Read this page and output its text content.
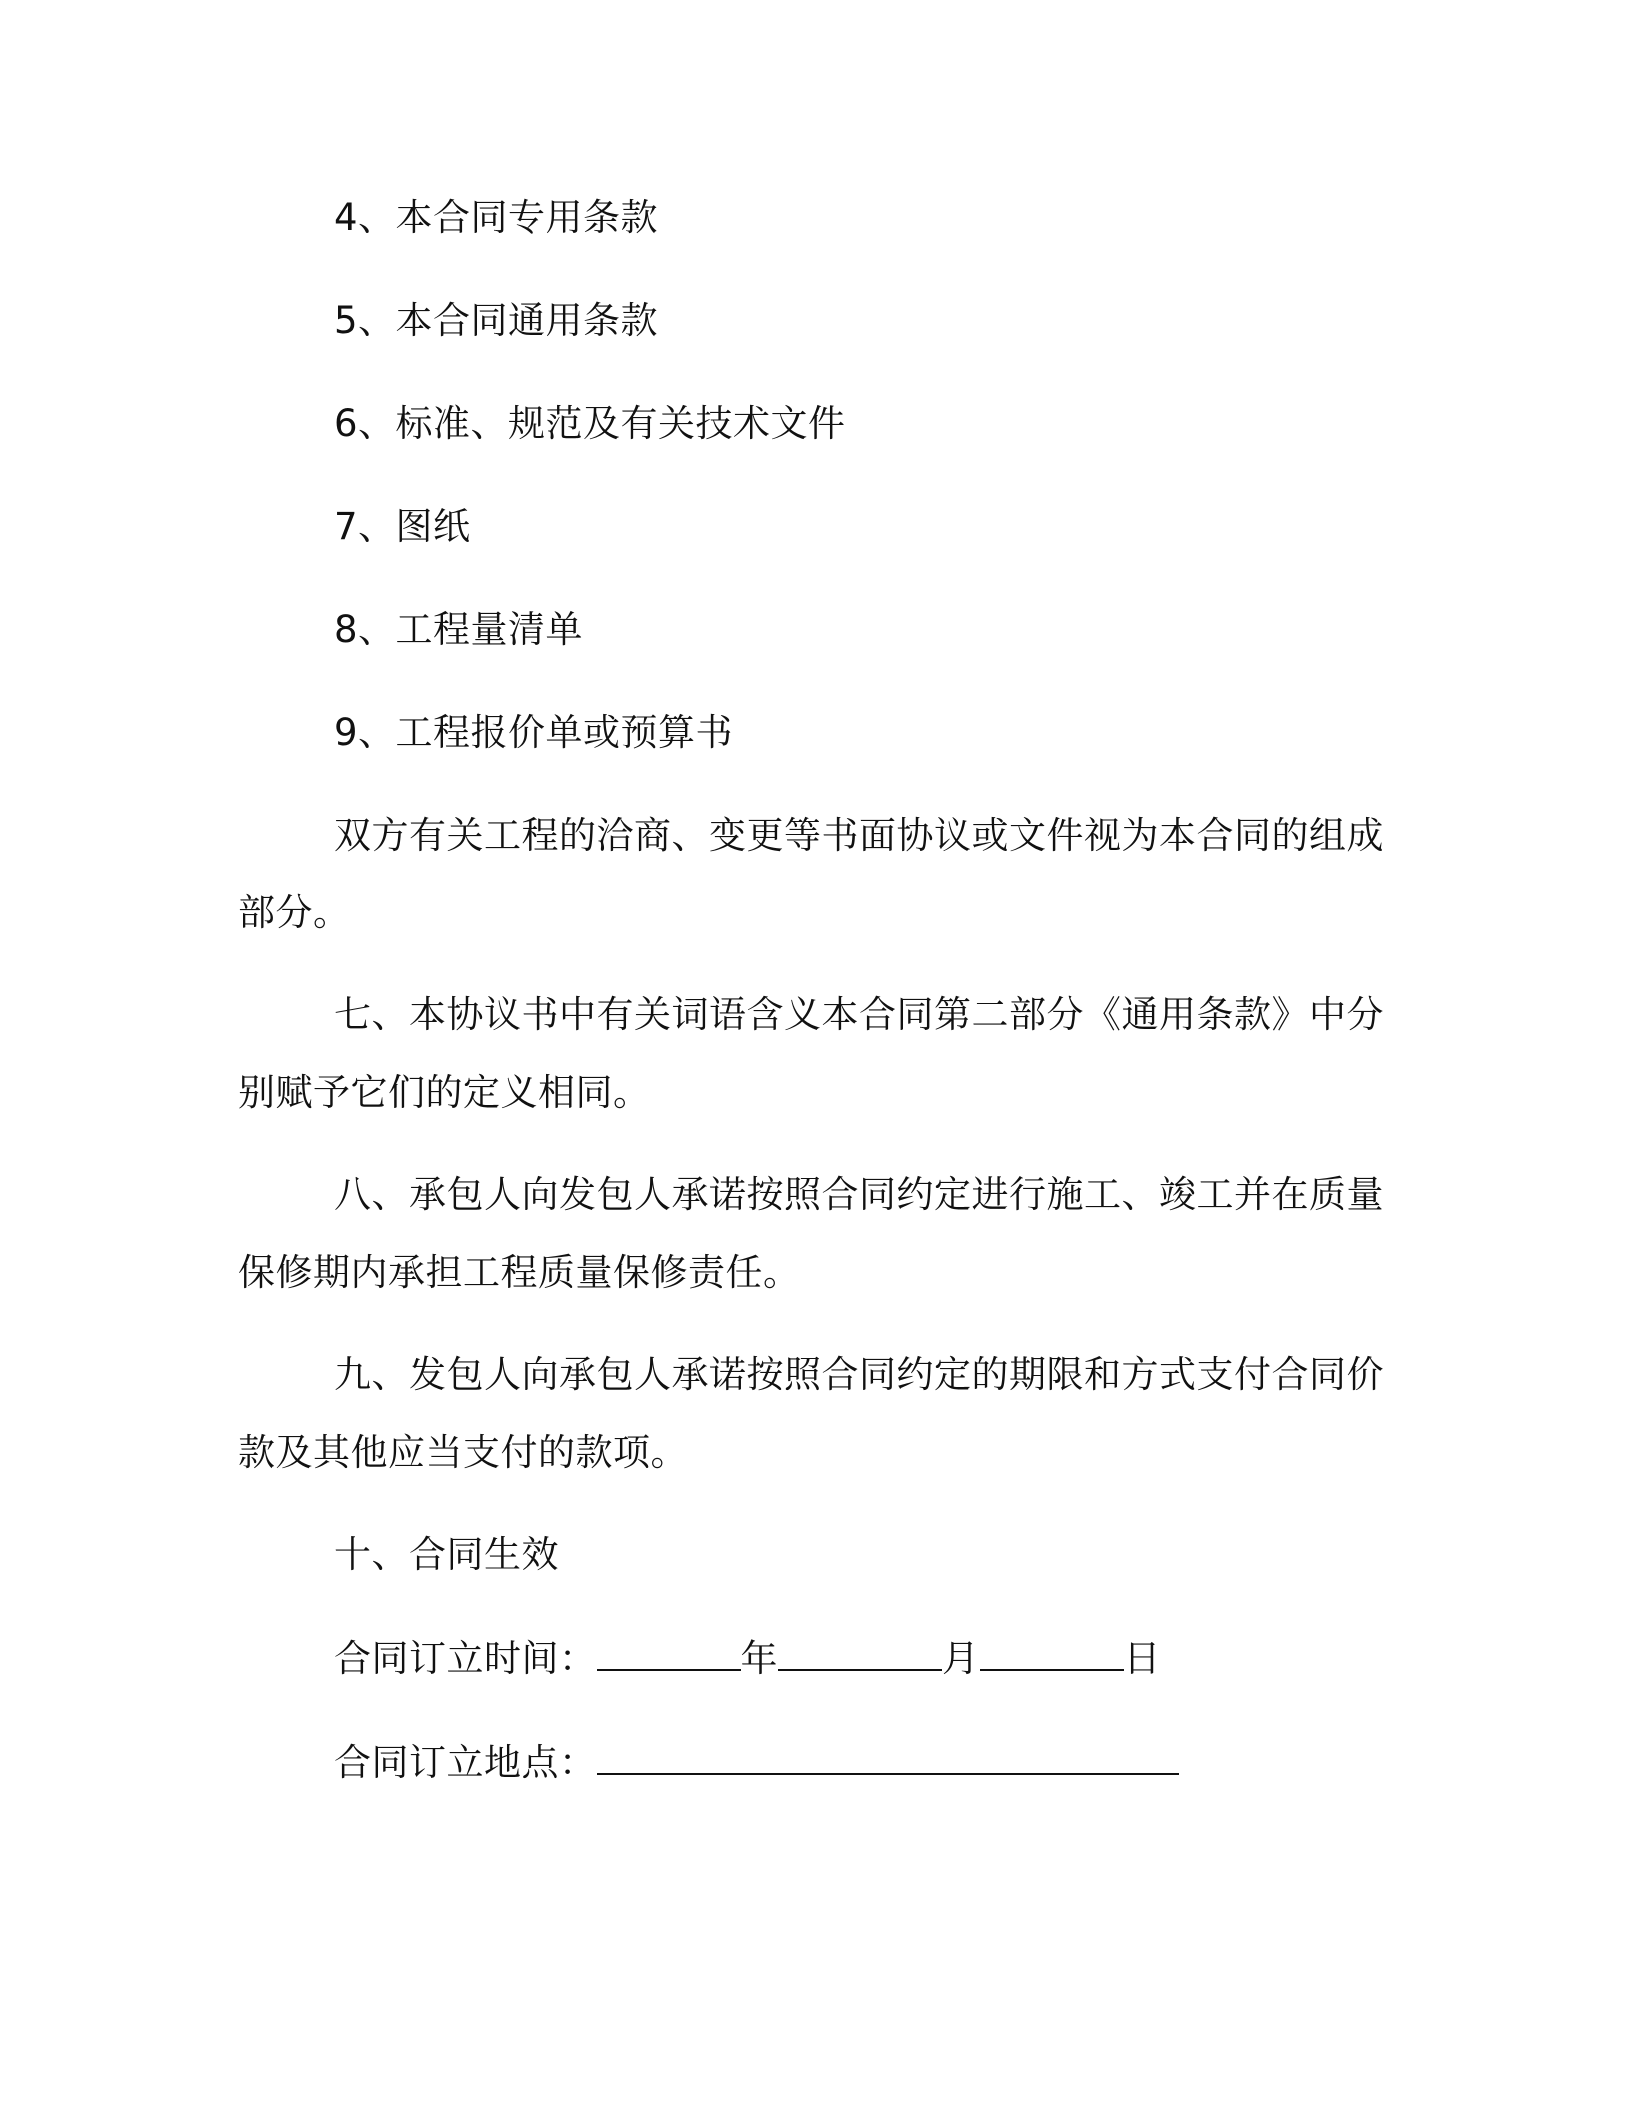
4、本合同专用条款
5、本合同通用条款
6、标准、规范及有关技术文件
7、图纸
8、工程量清单
9、工程报价单或预算书
双方有关工程的洽商、变更等书面协议或文件视为本合同的组成
部分。
七、本协议书中有关词语含义本合同第二部分《通用条款》中分
别赋予它们的定义相同。
八、承包人向发包人承诺按照合同约定进行施工、竣工并在质量
保修期内承担工程质量保修责任。
九、发包人向承包人承诺按照合同约定的期限和方式支付合同价
款及其他应当支付的款项。
十、合同生效
合同订立时间：	年	月	日
合同订立地点：
